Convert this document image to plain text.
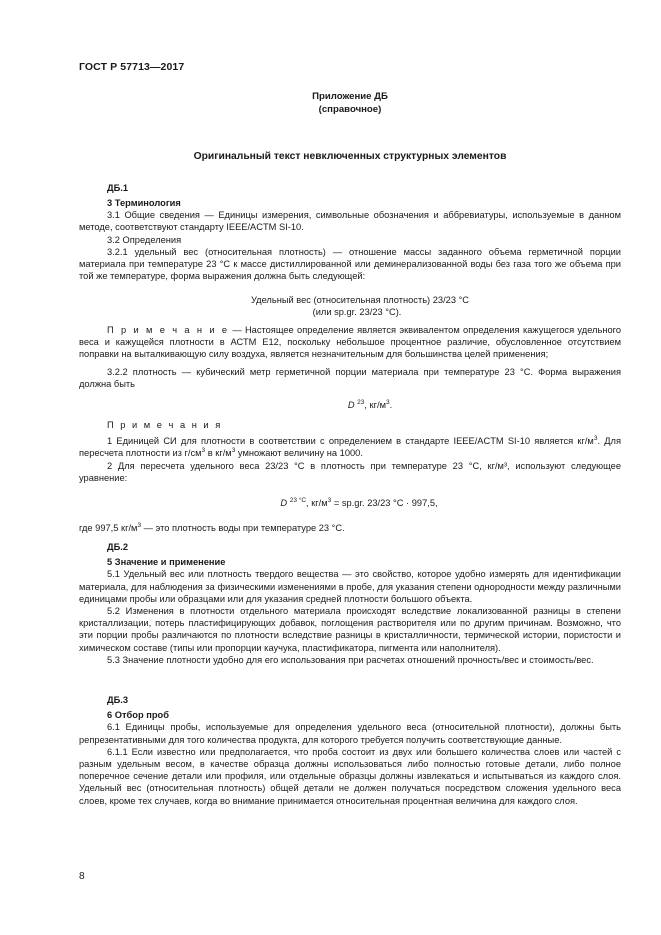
ГОСТ Р 57713—2017
Приложение ДБ
(справочное)
Оригинальный текст невключенных структурных элементов

ДБ.1

3 Терминология

3.1 Общие сведения — Единицы измерения, символьные обозначения и аббревиатуры, используемые в данном методе, соответствуют стандарту IEEE/ACTM SI-10.

3.2 Определения

3.2.1 удельный вес (относительная плотность) — отношение массы заданного объема герметичной порции материала при температуре 23 °С к массе дистиллированной или деминерализованной воды без газа того же объема при той же температуре, форма выражения должна быть следующей:

Удельный вес (относительная плотность) 23/23 °С

(или sp.gr. 23/23 °С).

П р и м е ч а н и е — Настоящее определение является эквивалентом определения кажущегося удельного веса и кажущейся плотности в АСТМ Е12, поскольку небольшое процентное различие, обусловленное отсутствием поправки на выталкивающую силу воздуха, является незначительным для большинства целей применения;

3.2.2 плотность — кубический метр герметичной порции материала при температуре 23 °С. Форма выражения должна быть

D $^{23}$, $кг/м^3$.

П р и м е ч а н и я

1 Единицей СИ для плотности в соответствии с определением в стандарте IEEE/ACTM SI-10 является $кг/м^3$. Для пересчета плотности из $г/см^3$ в $кг/м^3$ умножают величину на 1000.

2 Для пересчета удельного веса 23/23 °С в плотность при температуре 23 °С, кг/м³, используют следующее уравнение:

D $^{23 ^\circ C}$, $кг/м^3 = sp.gr$. 23/23 °С · 997,5,

где 997,5 $кг/м^3$ — это плотность воды при температуре 23 °С.

ДБ.2

5 Значение и применение

5.1 Удельный вес или плотность твердого вещества — это свойство, которое удобно измерять для идентификации материала, для наблюдения за физическими изменениями в пробе, для указания степени однородности между различными единицами пробы или образцами или для указания средней плотности большого объекта.

5.2 Изменения в плотности отдельного материала происходят вследствие локализованной разницы в степени кристаллизации, потерь пластифицирующих добавок, поглощения растворителя или по другим причинам. Возможно, что эти порции пробы различаются по плотности вследствие разницы в кристалличности, термической истории, пористости и химическом составе (типы или пропорции каучука, пластификатора, пигмента или наполнителя).

5.3 Значение плотности удобно для его использования при расчетах отношений прочность/вес и стоимость/вес.

ДБ.3

6 Отбор проб

6.1 Единицы пробы, используемые для определения удельного веса (относительной плотности), должны быть репрезентативными для того количества продукта, для которого требуется получить соответствующие данные.

6.1.1 Если известно или предполагается, что проба состоит из двух или большего количества слоев или частей с разным удельным весом, в качестве образца должны использоваться либо полностью готовые детали, либо полное поперечное сечение детали или профиля, или отдельные образцы должны извлекаться и испытываться из каждого слоя. Удельный вес (относительная плотность) общей детали не должен получаться посредством сложения удельного веса слоев, кроме тех случаев, когда во внимание принимается относительная процентная величина для каждого слоя.

8
